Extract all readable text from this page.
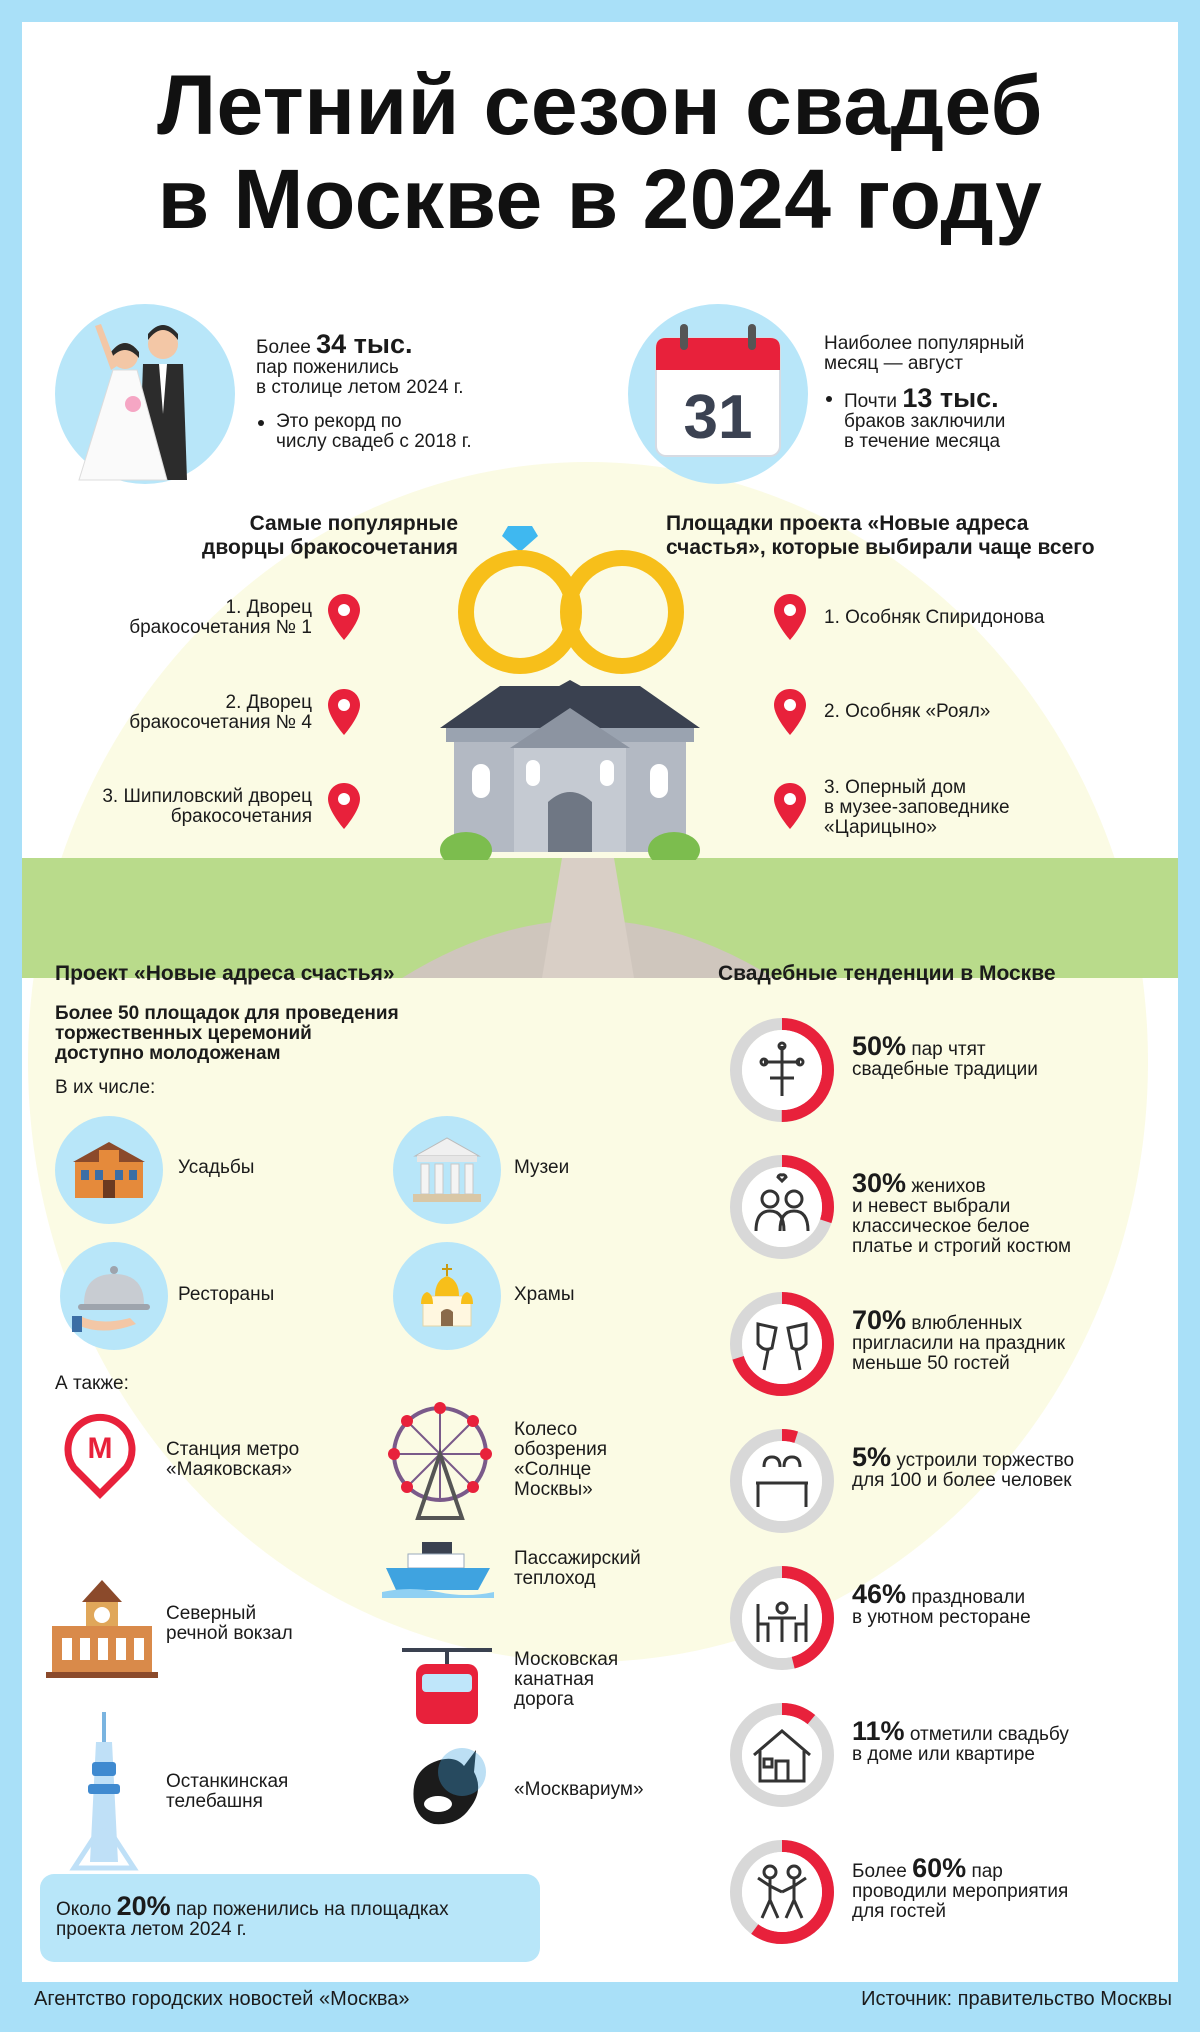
Летний сезон свадеб
в Москве в 2024 году
Более 34 тыс.
пар поженились
в столице летом 2024 г.
Это рекорд по
числу свадеб с 2018 г.	31
Наиболее популярный
месяц — август
Почти 13 тыс.
браков заключили
в течение месяца
Самые популярные
дворцы бракосочетания
Площадки проекта «Новые адреса
счастья», которые выбирали чаще всего
1. Дворец
бракосочетания № 1
2. Дворец
бракосочетания № 4
3. Шипиловский дворец
бракосочетания
1. Особняк Спиридонова
2. Особняк «Роял»
3. Оперный дом
в музее-заповеднике
«Царицыно»
Проект «Новые адреса счастья»
Более 50 площадок для проведения
торжественных церемоний
доступно молодоженам
В их числе:
Усадьбы	Музеи
Рестораны	Храмы
А также:
M	Станция метро
«Маяковская»
Колесо
обозрения
«Солнце
Москвы»
Пассажирский
теплоход
Северный
речной вокзал
Московская
канатная
дорога
Останкинская
телебашня
«Москвариум»
Около 20% пар поженились на площадках
проекта летом 2024 г.
Свадебные тенденции в Москве
50% пар чтят
свадебные традиции
30% женихов
и невест выбрали
классическое белое
платье и строгий костюм
70% влюбленных
пригласили на праздник
меньше 50 гостей
5% устроили торжество
для 100 и более человек
46% праздновали
в уютном ресторане
11% отметили свадьбу
в доме или квартире
Более 60% пар
проводили мероприятия
для гостей
Агентство городских новостей «Москва»	Источник: правительство Москвы
